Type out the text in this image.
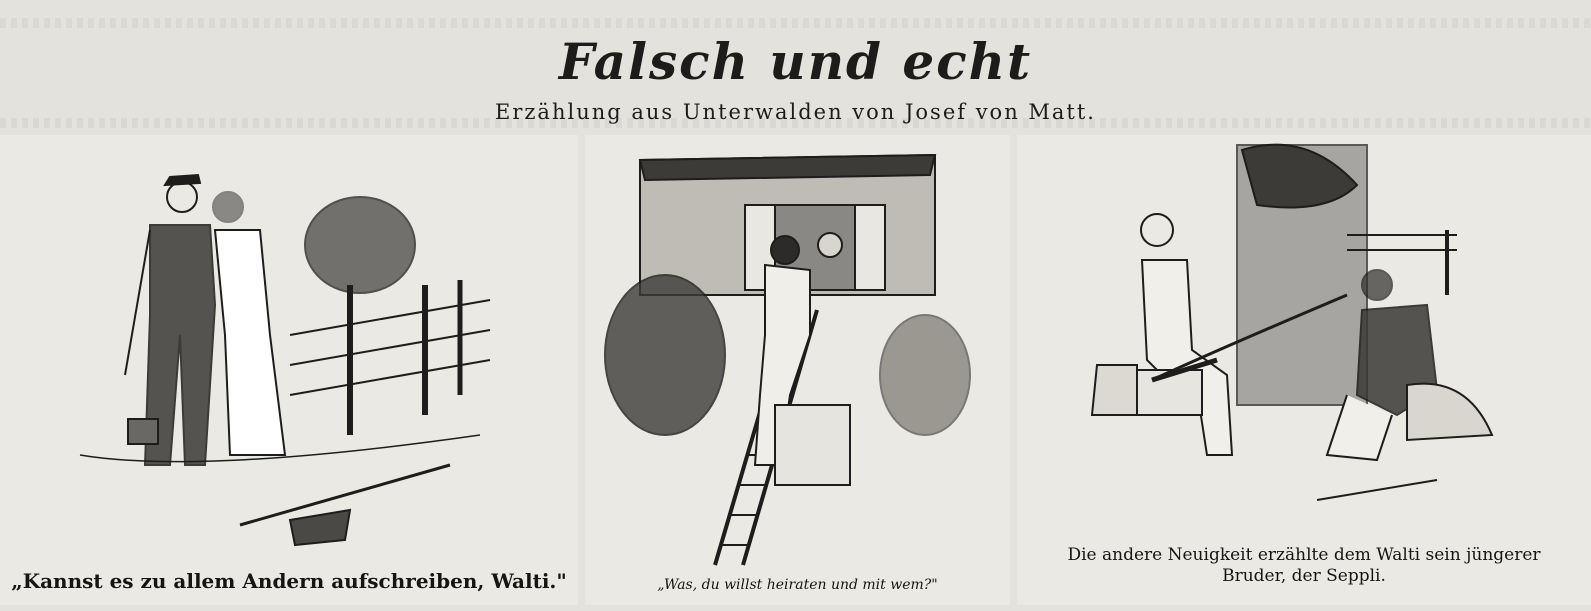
Falsch und echt
Erzählung aus Unterwalden von Josef von Matt.
„Kannst es zu allem Andern aufschreiben, Walti."	„Was, du willst heiraten und mit wem?"
Die andere Neuigkeit erzählte dem Walti sein jüngerer
Bruder, der Seppli.
